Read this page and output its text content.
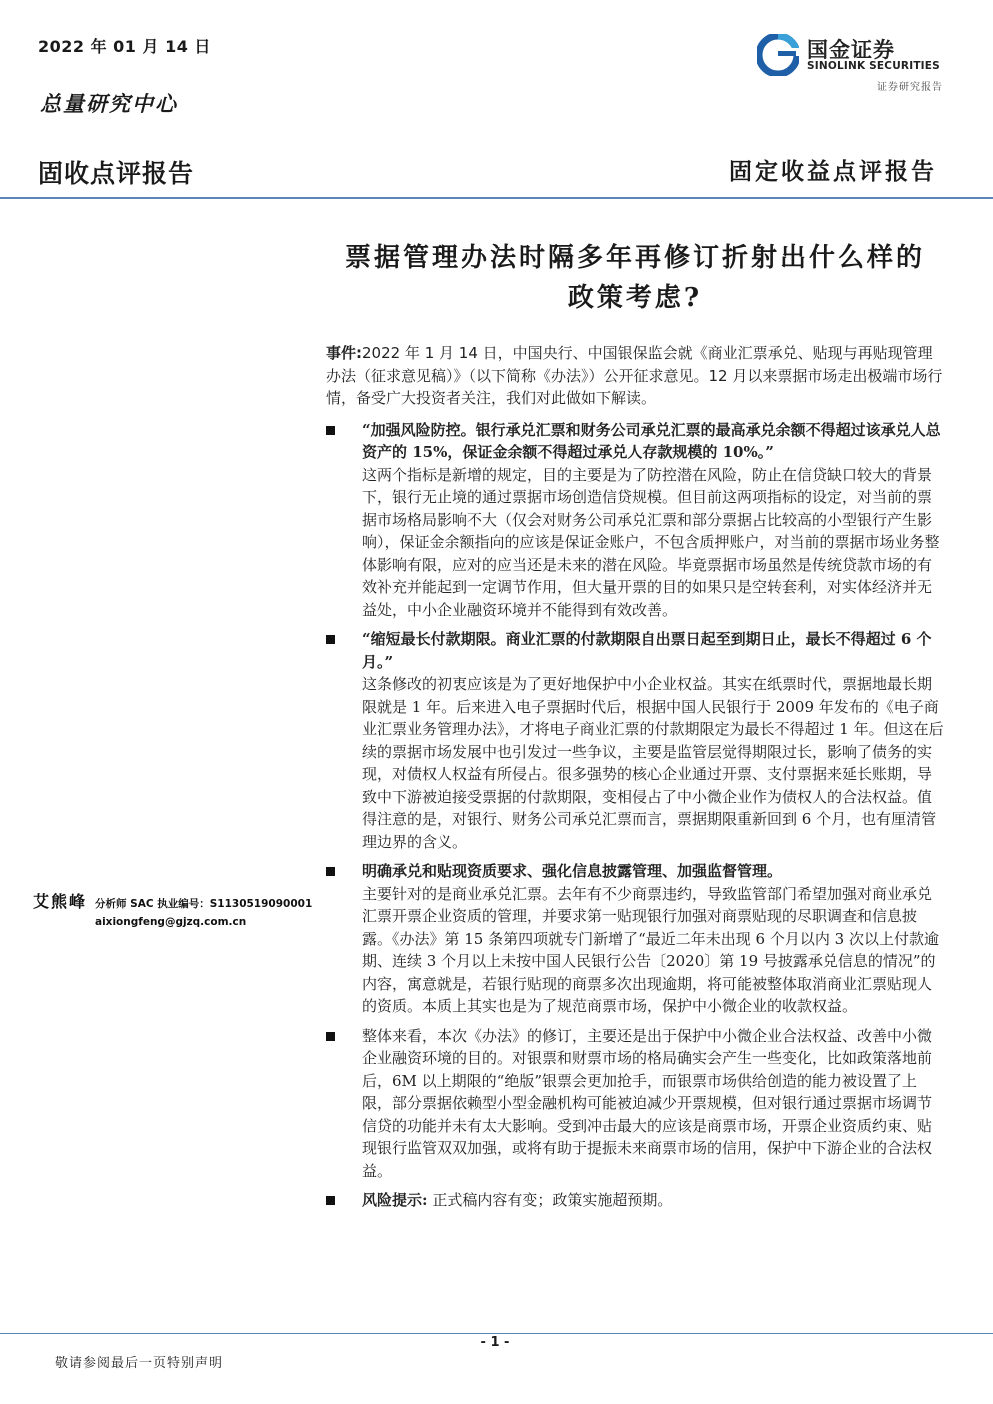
2022 年 01 月 14 日
总量研究中心
固收点评报告	固定收益点评报告
国金证券
SINOLINK SECURITIES
证券研究报告
票据管理办法时隔多年再修订折射出什么样的
政策考虑?

事件:2022 年 1 月 14 日，中国央行、中国银保监会就《商业汇票承兑、贴现与再贴现管理办法（征求意见稿）》（以下简称《办法》）公开征求意见。12 月以来票据市场走出极端市场行情，备受广大投资者关注，我们对此做如下解读。

“加强风险防控。银行承兑汇票和财务公司承兑汇票的最高承兑余额不得超过该承兑人总资产的 15%，保证金余额不得超过承兑人存款规模的 10%。”

这两个指标是新增的规定，目的主要是为了防控潜在风险，防止在信贷缺口较大的背景下，银行无止境的通过票据市场创造信贷规模。但目前这两项指标的设定，对当前的票据市场格局影响不大（仅会对财务公司承兑汇票和部分票据占比较高的小型银行产生影响），保证金余额指向的应该是保证金账户，不包含质押账户，对当前的票据市场业务整体影响有限，应对的应当还是未来的潜在风险。毕竟票据市场虽然是传统贷款市场的有效补充并能起到一定调节作用，但大量开票的目的如果只是空转套利，对实体经济并无益处，中小企业融资环境并不能得到有效改善。

“缩短最长付款期限。商业汇票的付款期限自出票日起至到期日止，最长不得超过 6 个月。”

这条修改的初衷应该是为了更好地保护中小企业权益。其实在纸票时代，票据地最长期限就是 1 年。后来进入电子票据时代后，根据中国人民银行于 2009 年发布的《电子商业汇票业务管理办法》，才将电子商业汇票的付款期限定为最长不得超过 1 年。但这在后续的票据市场发展中也引发过一些争议，主要是监管层觉得期限过长，影响了债务的实现，对债权人权益有所侵占。很多强势的核心企业通过开票、支付票据来延长账期，导致中下游被迫接受票据的付款期限，变相侵占了中小微企业作为债权人的合法权益。值得注意的是，对银行、财务公司承兑汇票而言，票据期限重新回到 6 个月，也有厘清管理边界的含义。

明确承兑和贴现资质要求、强化信息披露管理、加强监督管理。

主要针对的是商业承兑汇票。去年有不少商票违约，导致监管部门希望加强对商业承兑汇票开票企业资质的管理，并要求第一贴现银行加强对商票贴现的尽职调查和信息披露。《办法》第 15 条第四项就专门新增了“最近二年未出现 6 个月以内 3 次以上付款逾期、连续 3 个月以上未按中国人民银行公告〔2020〕第 19 号披露承兑信息的情况”的内容，寓意就是，若银行贴现的商票多次出现逾期，将可能被整体取消商业汇票贴现人的资质。本质上其实也是为了规范商票市场，保护中小微企业的收款权益。

整体来看，本次《办法》的修订，主要还是出于保护中小微企业合法权益、改善中小微企业融资环境的目的。对银票和财票市场的格局确实会产生一些变化，比如政策落地前后，6M 以上期限的“绝版”银票会更加抢手，而银票市场供给创造的能力被设置了上限，部分票据依赖型小型金融机构可能被迫减少开票规模，但对银行通过票据市场调节信贷的功能并未有太大影响。受到冲击最大的应该是商票市场，开票企业资质约束、贴现银行监管双双加强，或将有助于提振未来商票市场的信用，保护中下游企业的合法权益。
风险提示: 正式稿内容有变；政策实施超预期。
艾熊峰 分析师 SAC 执业编号：S1130519090001
aixiongfeng@gjzq.com.cn
- 1 -
敬请参阅最后一页特别声明
